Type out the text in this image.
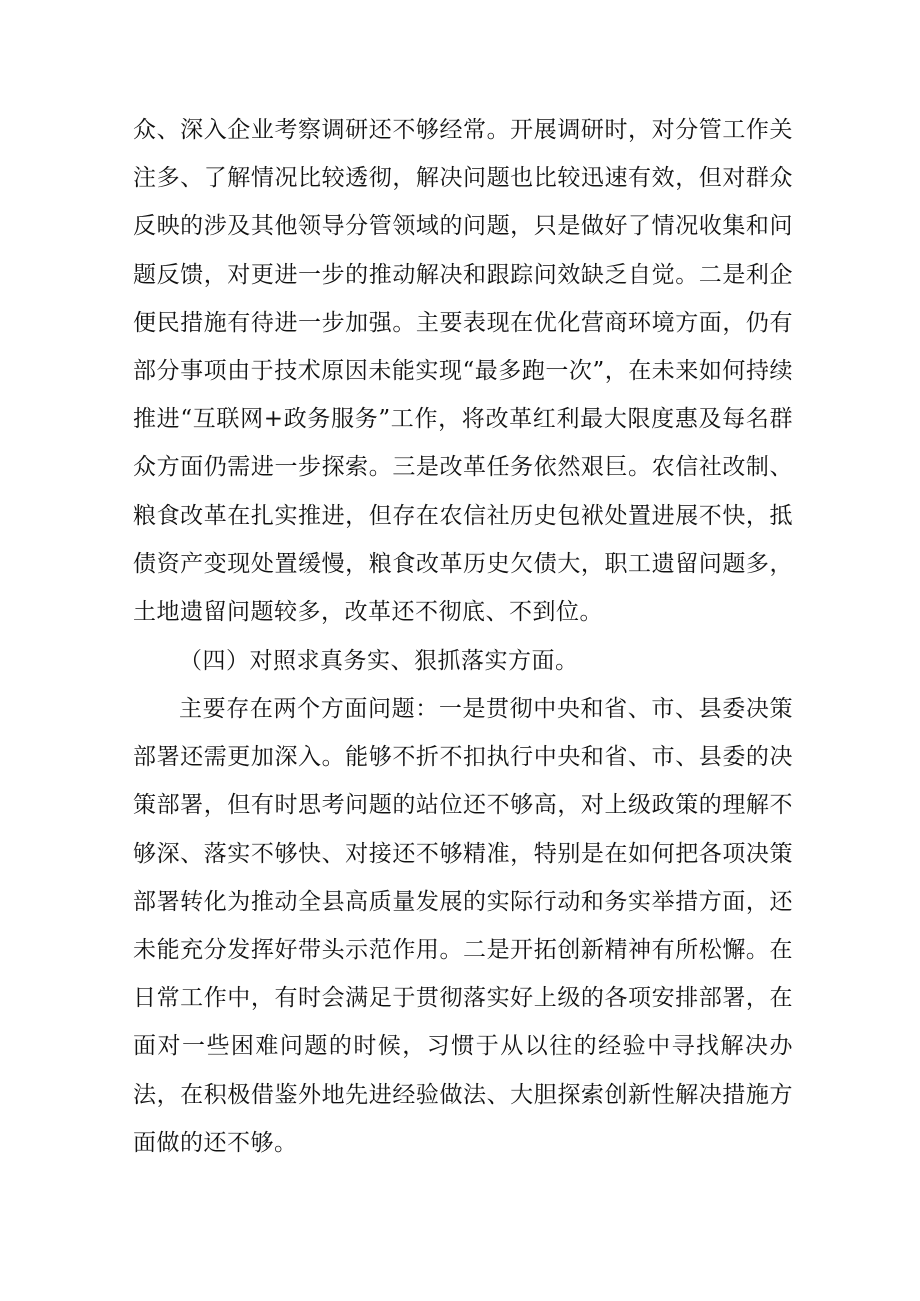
众、深入企业考察调研还不够经常。开展调研时，对分管工作关注多、了解情况比较透彻，解决问题也比较迅速有效，但对群众反映的涉及其他领导分管领域的问题，只是做好了情况收集和问题反馈，对更进一步的推动解决和跟踪问效缺乏自觉。二是利企便民措施有待进一步加强。主要表现在优化营商环境方面，仍有部分事项由于技术原因未能实现“最多跑一次”，在未来如何持续推进“互联网+政务服务”工作，将改革红利最大限度惠及每名群众方面仍需进一步探索。三是改革任务依然艰巨。农信社改制、粮食改革在扎实推进，但存在农信社历史包袱处置进展不快，抵债资产变现处置缓慢，粮食改革历史欠债大，职工遗留问题多，土地遗留问题较多，改革还不彻底、不到位。

（四）对照求真务实、狠抓落实方面。

主要存在两个方面问题：一是贯彻中央和省、市、县委决策部署还需更加深入。能够不折不扣执行中央和省、市、县委的决策部署，但有时思考问题的站位还不够高，对上级政策的理解不够深、落实不够快、对接还不够精准，特别是在如何把各项决策部署转化为推动全县高质量发展的实际行动和务实举措方面，还未能充分发挥好带头示范作用。二是开拓创新精神有所松懈。在日常工作中，有时会满足于贯彻落实好上级的各项安排部署，在面对一些困难问题的时候，习惯于从以往的经验中寻找解决办法，在积极借鉴外地先进经验做法、大胆探索创新性解决措施方面做的还不够。
